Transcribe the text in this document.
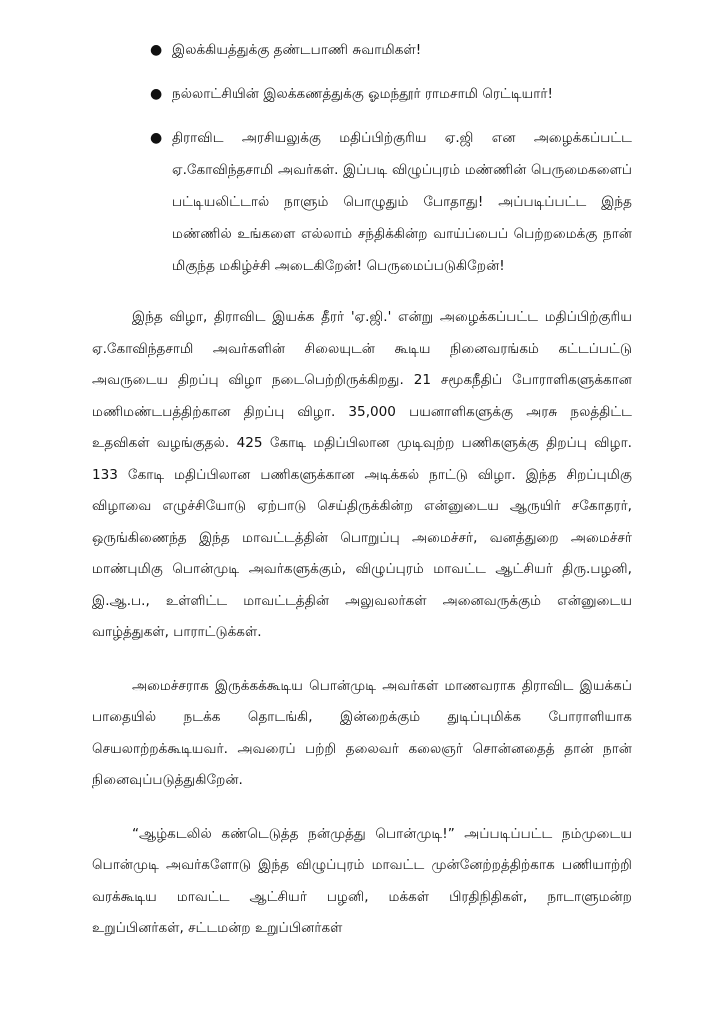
● இலக்கியத்துக்கு தண்டபாணி சுவாமிகள்!
● நல்லாட்சியின் இலக்கணத்துக்கு ஓமந்தூர் ராமசாமி ரெட்டியார்!
● திராவிட அரசியலுக்கு மதிப்பிற்குரிய ஏ.ஜி என அழைக்கப்பட்ட ஏ.கோவிந்தசாமி அவர்கள். இப்படி விழுப்புரம் மண்ணின் பெருமைகளைப் பட்டியலிட்டால் நாளும் பொழுதும் போதாது! அப்படிப்பட்ட இந்த மண்ணில் உங்களை எல்லாம் சந்திக்கின்ற வாய்ப்பைப் பெற்றமைக்கு நான் மிகுந்த மகிழ்ச்சி அடைகிறேன்! பெருமைப்படுகிறேன்!

இந்த விழா, திராவிட இயக்க தீரர் 'ஏ.ஜி.' என்று அழைக்கப்பட்ட மதிப்பிற்குரிய ஏ.கோவிந்தசாமி அவர்களின் சிலையுடன் கூடிய நினைவரங்கம் கட்டப்பட்டு அவருடைய திறப்பு விழா நடைபெற்றிருக்கிறது. 21 சமூகநீதிப் போராளிகளுக்கான மணிமண்டபத்திற்கான திறப்பு விழா. 35,000 பயனாளிகளுக்கு அரசு நலத்திட்ட உதவிகள் வழங்குதல். 425 கோடி மதிப்பிலான முடிவுற்ற பணிகளுக்கு திறப்பு விழா. 133 கோடி மதிப்பிலான பணிகளுக்கான அடிக்கல் நாட்டு விழா. இந்த சிறப்புமிகு விழாவை எழுச்சியோடு ஏற்பாடு செய்திருக்கின்ற என்னுடைய ஆருயிர் சகோதரர், ஒருங்கிணைந்த இந்த மாவட்டத்தின் பொறுப்பு அமைச்சர், வனத்துறை அமைச்சர் மாண்புமிகு பொன்முடி அவர்களுக்கும், விழுப்புரம் மாவட்ட ஆட்சியர் திரு.பழனி, இ.ஆ.ப., உள்ளிட்ட மாவட்டத்தின் அலுவலர்கள் அனைவருக்கும் என்னுடைய வாழ்த்துகள், பாராட்டுக்கள்.

அமைச்சராக இருக்கக்கூடிய பொன்முடி அவர்கள் மாணவராக திராவிட இயக்கப் பாதையில் நடக்க தொடங்கி, இன்றைக்கும் துடிப்புமிக்க போராளியாக செயலாற்றக்கூடியவர். அவரைப் பற்றி தலைவர் கலைஞர் சொன்னதைத் தான் நான் நினைவுப்படுத்துகிறேன்.

“ஆழ்கடலில் கண்டெடுத்த நன்முத்து பொன்முடி!” அப்படிப்பட்ட நம்முடைய பொன்முடி அவர்களோடு இந்த விழுப்புரம் மாவட்ட முன்னேற்றத்திற்காக பணியாற்றி வரக்கூடிய மாவட்ட ஆட்சியர் பழனி, மக்கள் பிரதிநிதிகள், நாடாளுமன்ற உறுப்பினர்கள், சட்டமன்ற உறுப்பினர்கள்
